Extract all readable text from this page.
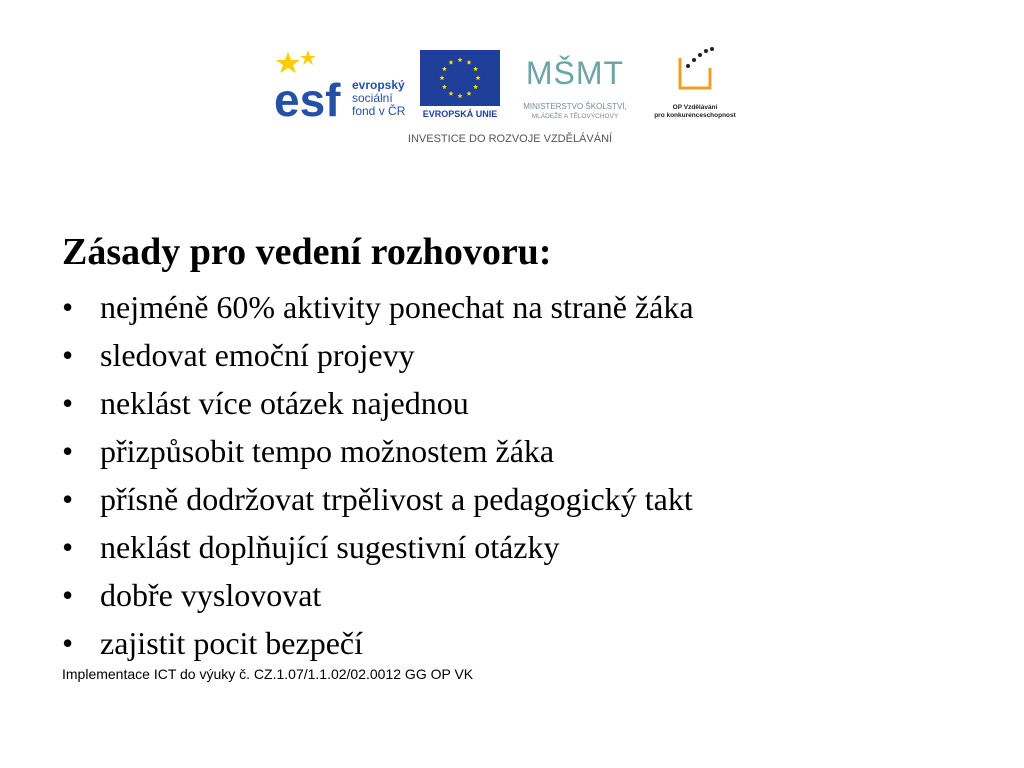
esf evropský
sociální
fond v ČR EVROPSKÁ UNIE
MŠMT
MINISTERSTVO ŠKOLSTVÍ,
MLÁDEŽE A TĚLOVÝCHOVY
OP Vzdělávání
pro konkurenceschopnost
INVESTICE DO ROZVOJE VZDĚLÁVÁNÍ
Zásady pro vedení rozhovoru:
• nejméně 60% aktivity ponechat na straně žáka
• sledovat emoční projevy
• neklást více otázek najednou
• přizpůsobit tempo možnostem žáka
• přísně dodržovat trpělivost a pedagogický takt
• neklást doplňující sugestivní otázky
• dobře vyslovovat
• zajistit pocit bezpečí
Implementace ICT do výuky č. CZ.1.07/1.1.02/02.0012 GG OP VK
